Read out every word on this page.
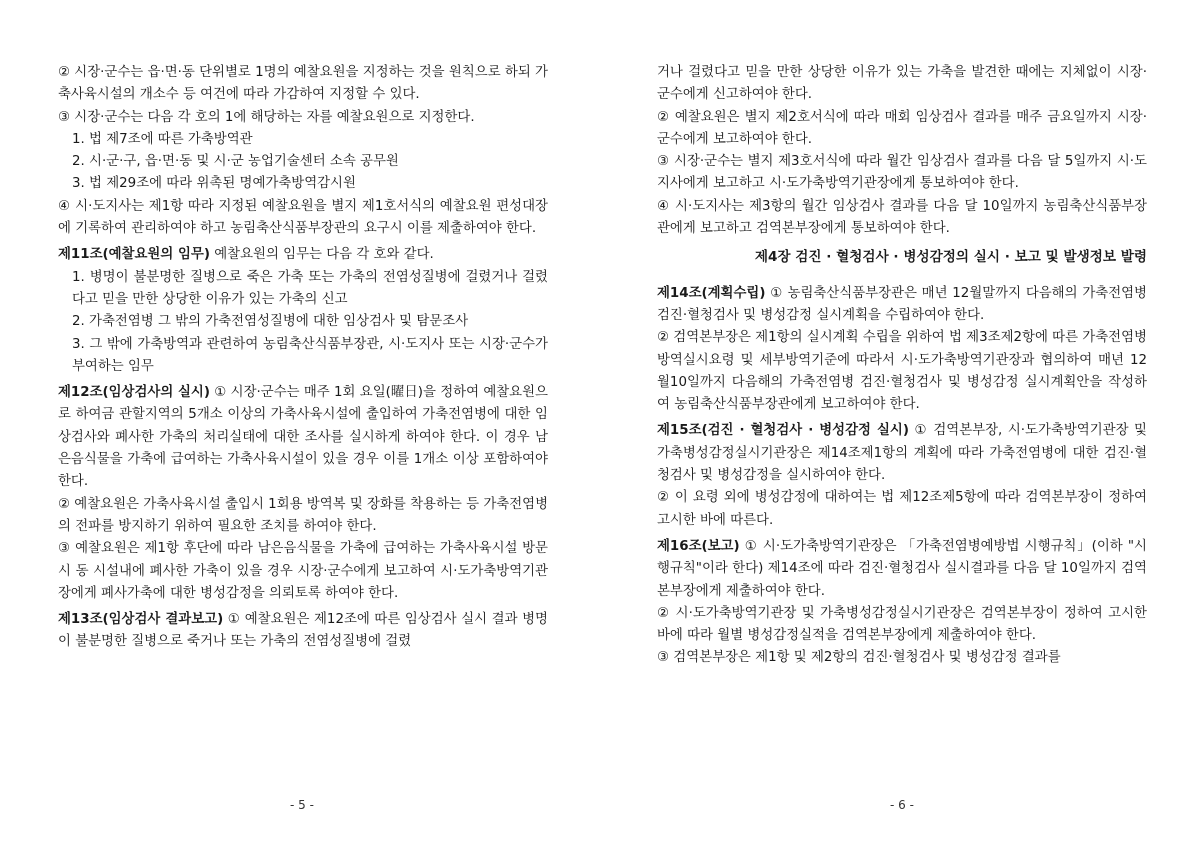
② 시장·군수는 읍·면·동 단위별로 1명의 예찰요원을 지정하는 것을 원칙으로 하되 가축사육시설의 개소수 등 여건에 따라 가감하여 지정할 수 있다.

③ 시장·군수는 다음 각 호의 1에 해당하는 자를 예찰요원으로 지정한다.

1. 법 제7조에 따른 가축방역관

2. 시·군·구, 읍·면·동 및 시·군 농업기술센터 소속 공무원

3. 법 제29조에 따라 위촉된 명예가축방역감시원

④ 시·도지사는 제1항 따라 지정된 예찰요원을 별지 제1호서식의 예찰요원 편성대장에 기록하여 관리하여야 하고 농림축산식품부장관의 요구시 이를 제출하여야 한다.

제11조(예찰요원의 임무) 예찰요원의 임무는 다음 각 호와 같다.

1. 병명이 불분명한 질병으로 죽은 가축 또는 가축의 전염성질병에 걸렸거나 걸렸다고 믿을 만한 상당한 이유가 있는 가축의 신고

2. 가축전염병 그 밖의 가축전염성질병에 대한 임상검사 및 탐문조사

3. 그 밖에 가축방역과 관련하여 농림축산식품부장관, 시·도지사 또는 시장·군수가 부여하는 임무

제12조(임상검사의 실시) ① 시장·군수는 매주 1회 요일(曜日)을 정하여 예찰요원으로 하여금 관할지역의 5개소 이상의 가축사육시설에 출입하여 가축전염병에 대한 임상검사와 폐사한 가축의 처리실태에 대한 조사를 실시하게 하여야 한다. 이 경우 남은음식물을 가축에 급여하는 가축사육시설이 있을 경우 이를 1개소 이상 포함하여야 한다.

② 예찰요원은 가축사육시설 출입시 1회용 방역복 및 장화를 착용하는 등 가축전염병의 전파를 방지하기 위하여 필요한 조치를 하여야 한다.

③ 예찰요원은 제1항 후단에 따라 남은음식물을 가축에 급여하는 가축사육시설 방문시 동 시설내에 폐사한 가축이 있을 경우 시장·군수에게 보고하여 시·도가축방역기관장에게 폐사가축에 대한 병성감정을 의뢰토록 하여야 한다.

제13조(임상검사 결과보고) ① 예찰요원은 제12조에 따른 임상검사 실시 결과 병명이 불분명한 질병으로 죽거나 또는 가축의 전염성질병에 걸렸

거나 걸렸다고 믿을 만한 상당한 이유가 있는 가축을 발견한 때에는 지체없이 시장·군수에게 신고하여야 한다.

② 예찰요원은 별지 제2호서식에 따라 매회 임상검사 결과를 매주 금요일까지 시장·군수에게 보고하여야 한다.

③ 시장·군수는 별지 제3호서식에 따라 월간 임상검사 결과를 다음 달 5일까지 시·도지사에게 보고하고 시·도가축방역기관장에게 통보하여야 한다.

④ 시·도지사는 제3항의 월간 임상검사 결과를 다음 달 10일까지 농림축산식품부장관에게 보고하고 검역본부장에게 통보하여야 한다.

제4장 검진 · 혈청검사 · 병성감정의 실시 · 보고 및 발생정보 발령

제14조(계획수립) ① 농림축산식품부장관은 매년 12월말까지 다음해의 가축전염병 검진·혈청검사 및 병성감정 실시계획을 수립하여야 한다.

② 검역본부장은 제1항의 실시계획 수립을 위하여 법 제3조제2항에 따른 가축전염병 방역실시요령 및 세부방역기준에 따라서 시·도가축방역기관장과 협의하여 매년 12월10일까지 다음해의 가축전염병 검진·혈청검사 및 병성감정 실시계획안을 작성하여 농림축산식품부장관에게 보고하여야 한다.

제15조(검진 · 혈청검사 · 병성감정 실시) ① 검역본부장, 시·도가축방역기관장 및 가축병성감정실시기관장은 제14조제1항의 계획에 따라 가축전염병에 대한 검진·혈청검사 및 병성감정을 실시하여야 한다.

② 이 요령 외에 병성감정에 대하여는 법 제12조제5항에 따라 검역본부장이 정하여 고시한 바에 따른다.

제16조(보고) ① 시·도가축방역기관장은 「가축전염병예방법 시행규칙」(이하 "시행규칙"이라 한다) 제14조에 따라 검진·혈청검사 실시결과를 다음 달 10일까지 검역본부장에게 제출하여야 한다.

② 시·도가축방역기관장 및 가축병성감정실시기관장은 검역본부장이 정하여 고시한 바에 따라 월별 병성감정실적을 검역본부장에게 제출하여야 한다.

③ 검역본부장은 제1항 및 제2항의 검진·혈청검사 및 병성감정 결과를

- 5 -	- 6 -
